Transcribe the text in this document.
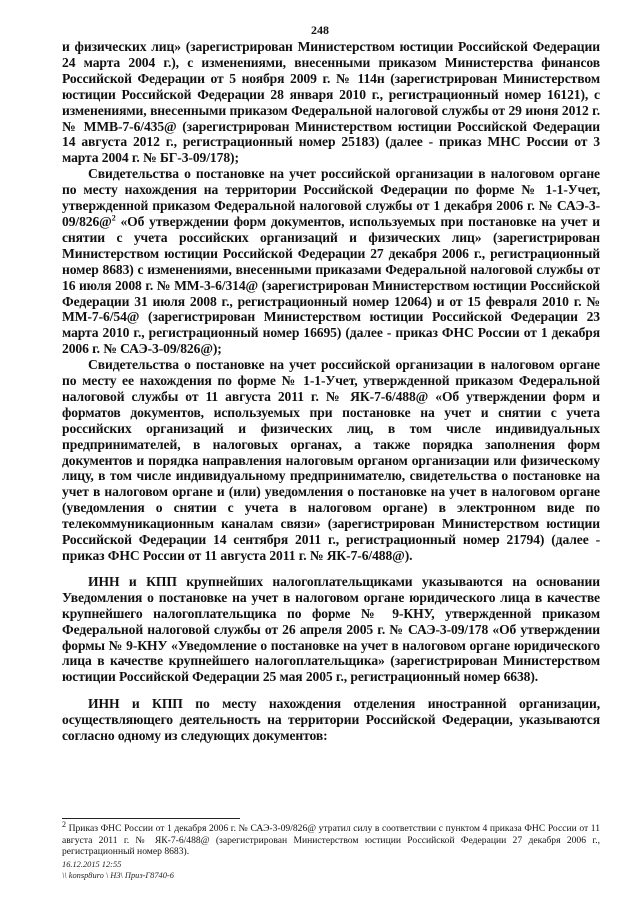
248

и физических лиц» (зарегистрирован Министерством юстиции Российской Федерации 24 марта 2004 г.), с изменениями, внесенными приказом Министерства финансов Российской Федерации от 5 ноября 2009 г. № 114н (зарегистрирован Министерством юстиции Российской Федерации 28 января 2010 г., регистрационный номер 16121), с изменениями, внесенными приказом Федеральной налоговой службы от 29 июня 2012 г. № ММВ-7-6/435@ (зарегистрирован Министерством юстиции Российской Федерации 14 августа 2012 г., регистрационный номер 25183) (далее - приказ МНС России от 3 марта 2004 г. № БГ-3-09/178);

Свидетельства о постановке на учет российской организации в налоговом органе по месту нахождения на территории Российской Федерации по форме № 1-1-Учет, утвержденной приказом Федеральной налоговой службы от 1 декабря 2006 г. № САЭ-3-09/826@$^2$ «Об утверждении форм документов, используемых при постановке на учет и снятии с учета российских организаций и физических лиц» (зарегистрирован Министерством юстиции Российской Федерации 27 декабря 2006 г., регистрационный номер 8683) с изменениями, внесенными приказами Федеральной налоговой службы от 16 июля 2008 г. № ММ-3-6/314@ (зарегистрирован Министерством юстиции Российской Федерации 31 июля 2008 г., регистрационный номер 12064) и от 15 февраля 2010 г. № ММ-7-6/54@ (зарегистрирован Министерством юстиции Российской Федерации 23 марта 2010 г., регистрационный номер 16695) (далее - приказ ФНС России от 1 декабря 2006 г. № САЭ-3-09/826@);

Свидетельства о постановке на учет российской организации в налоговом органе по месту ее нахождения по форме № 1-1-Учет, утвержденной приказом Федеральной налоговой службы от 11 августа 2011 г. № ЯК-7-6/488@ «Об утверждении форм и форматов документов, используемых при постановке на учет и снятии с учета российских организаций и физических лиц, в том числе индивидуальных предпринимателей, в налоговых органах, а также порядка заполнения форм документов и порядка направления налоговым органом организации или физическому лицу, в том числе индивидуальному предпринимателю, свидетельства о постановке на учет в налоговом органе и (или) уведомления о постановке на учет в налоговом органе (уведомления о снятии с учета в налоговом органе) в электронном виде по телекоммуникационным каналам связи» (зарегистрирован Министерством юстиции Российской Федерации 14 сентября 2011 г., регистрационный номер 21794) (далее - приказ ФНС России от 11 августа 2011 г. № ЯК-7-6/488@).

ИНН и КПП крупнейших налогоплательщиками указываются на основании Уведомления о постановке на учет в налоговом органе юридического лица в качестве крупнейшего налогоплательщика по форме № 9-КНУ, утвержденной приказом Федеральной налоговой службы от 26 апреля 2005 г. № САЭ-3-09/178 «Об утверждении формы № 9-КНУ «Уведомление о постановке на учет в налоговом органе юридического лица в качестве крупнейшего налогоплательщика» (зарегистрирован Министерством юстиции Российской Федерации 25 мая 2005 г., регистрационный номер 6638).

ИНН и КПП по месту нахождения отделения иностранной организации, осуществляющего деятельность на территории Российской Федерации, указываются согласно одному из следующих документов:

$^2$ Приказ ФНС России от 1 декабря 2006 г. № САЭ-3-09/826@ утратил силу в соответствии с пунктом 4 приказа ФНС России от 11 августа 2011 г. № ЯК-7-6/488@ (зарегистрирован Министерством юстиции Российской Федерации 27 декабря 2006 г., регистрационный номер 8683).

16.12.2015 12:55
\\ konsp8uro \ НЗ\ Приз-Г8740-6
